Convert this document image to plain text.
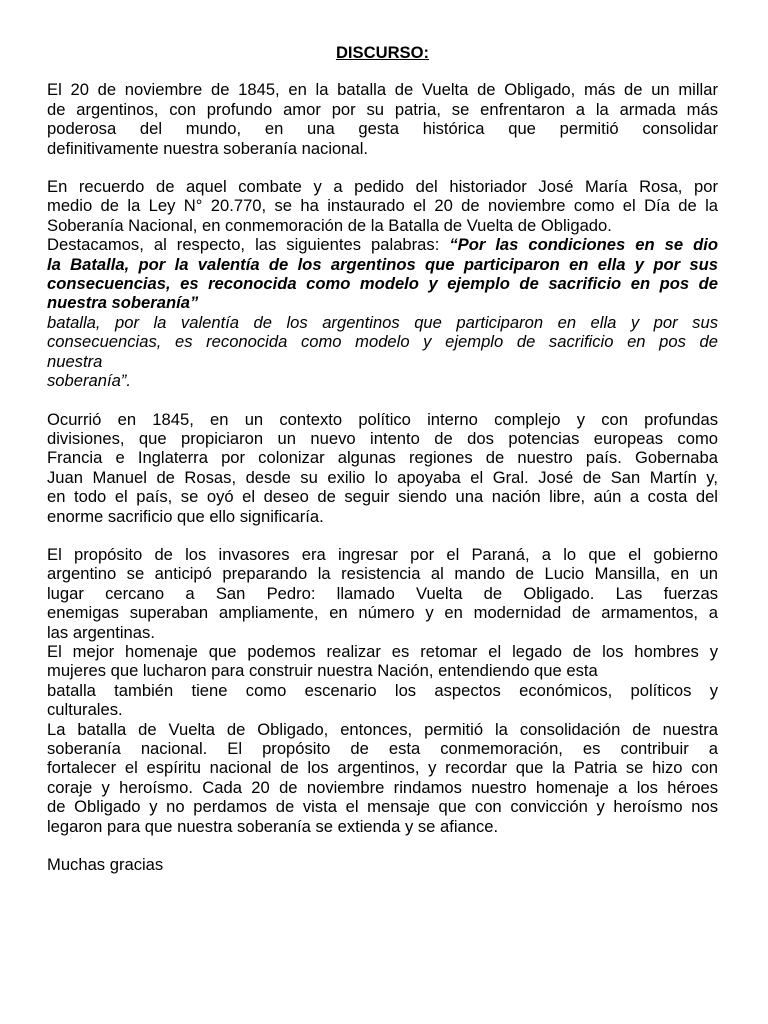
DISCURSO:

El 20 de noviembre de 1845, en la batalla de Vuelta de Obligado, más de un millar
de argentinos, con profundo amor por su patria, se enfrentaron a la armada más
poderosa del mundo, en una gesta histórica que permitió consolidar
definitivamente nuestra soberanía nacional.

En recuerdo de aquel combate y a pedido del historiador José María Rosa, por
medio de la Ley N° 20.770, se ha instaurado el 20 de noviembre como el Día de la
Soberanía Nacional, en conmemoración de la Batalla de Vuelta de Obligado.
Destacamos, al respecto, las siguientes palabras: “Por las condiciones en se dio
la Batalla, por la valentía de los argentinos que participaron en ella y por sus
consecuencias, es reconocida como modelo y ejemplo de sacrificio en pos de
nuestra soberanía”
batalla, por la valentía de los argentinos que participaron en ella y por sus
consecuencias, es reconocida como modelo y ejemplo de sacrificio en pos de
nuestra
soberanía”.

Ocurrió en 1845, en un contexto político interno complejo y con profundas
divisiones, que propiciaron un nuevo intento de dos potencias europeas como
Francia e Inglaterra por colonizar algunas regiones de nuestro país. Gobernaba
Juan Manuel de Rosas, desde su exilio lo apoyaba el Gral. José de San Martín y,
en todo el país, se oyó el deseo de seguir siendo una nación libre, aún a costa del
enorme sacrificio que ello significaría.

El propósito de los invasores era ingresar por el Paraná, a lo que el gobierno
argentino se anticipó preparando la resistencia al mando de Lucio Mansilla, en un
lugar cercano a San Pedro: llamado Vuelta de Obligado. Las fuerzas
enemigas superaban ampliamente, en número y en modernidad de armamentos, a
las argentinas.

El mejor homenaje que podemos realizar es retomar el legado de los hombres y
mujeres que lucharon para construir nuestra Nación, entendiendo que esta
batalla también tiene como escenario los aspectos económicos, políticos y
culturales.

La batalla de Vuelta de Obligado, entonces, permitió la consolidación de nuestra
soberanía nacional. El propósito de esta conmemoración, es contribuir a
fortalecer el espíritu nacional de los argentinos, y recordar que la Patria se hizo con
coraje y heroísmo. Cada 20 de noviembre rindamos nuestro homenaje a los héroes
de Obligado y no perdamos de vista el mensaje que con convicción y heroísmo nos
legaron para que nuestra soberanía se extienda y se afiance.

Muchas gracias
